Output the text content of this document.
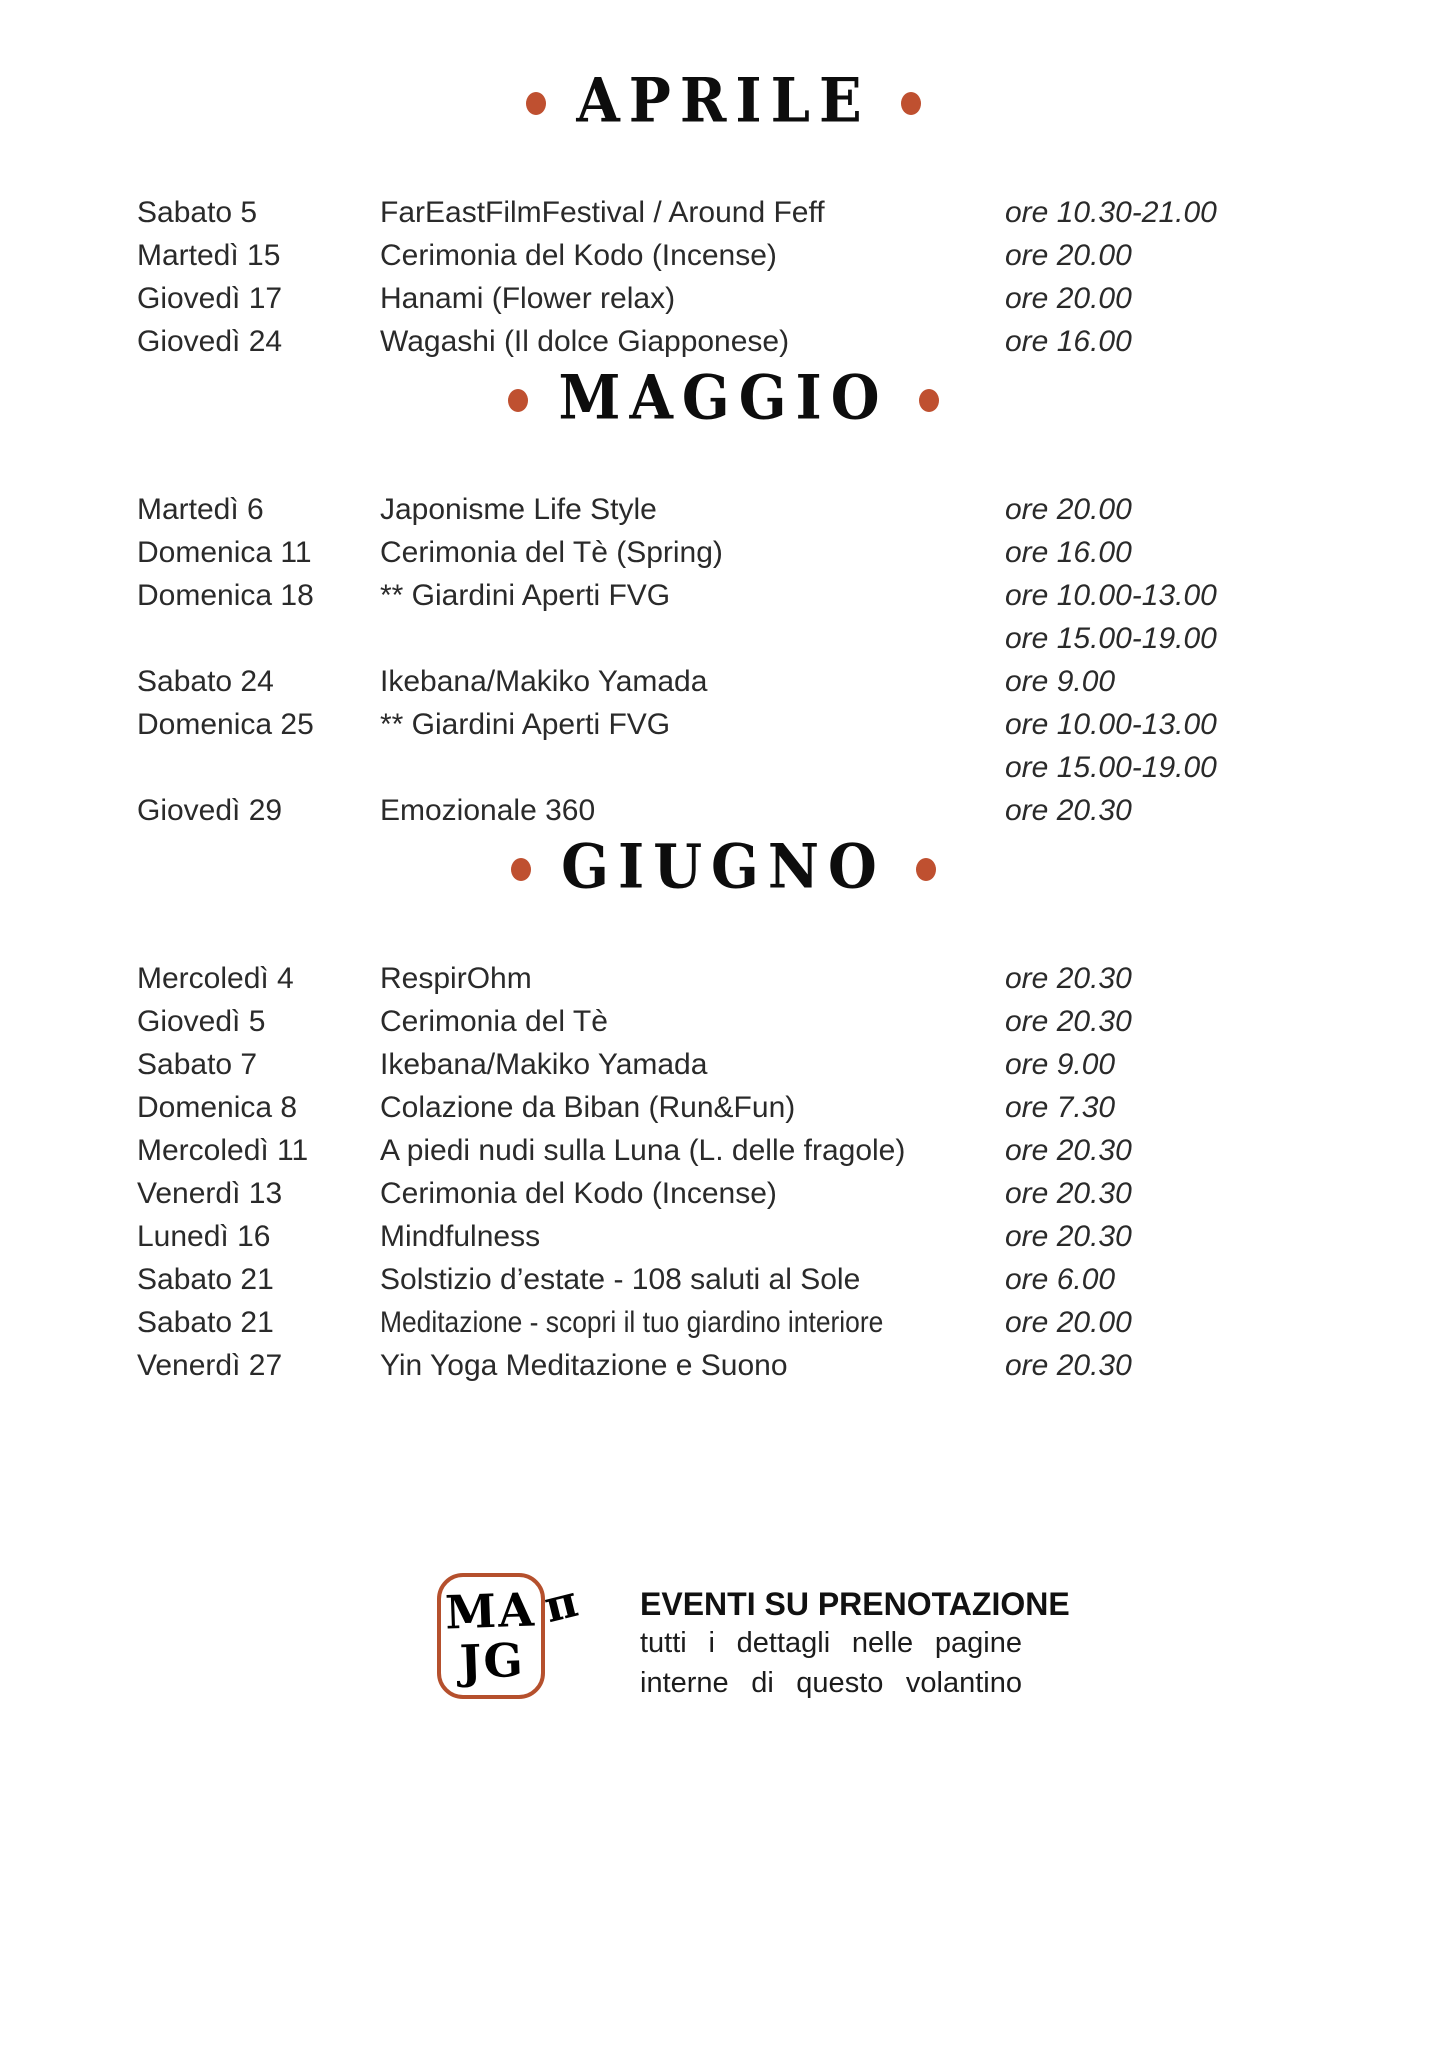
APRILE
Sabato 5	FarEastFilmFestival / Around Feff	ore 10.30-21.00
Martedì 15	Cerimonia del Kodo (Incense)	ore 20.00
Giovedì 17	Hanami (Flower relax)	ore 20.00
Giovedì 24	Wagashi (Il dolce Giapponese)	ore 16.00
MAGGIO
Martedì 6	Japonisme Life Style	ore 20.00
Domenica 11	Cerimonia del Tè (Spring)	ore 16.00
Domenica 18	** Giardini Aperti FVG	ore 10.00-13.00
ore 15.00-19.00
Sabato 24	Ikebana/Makiko Yamada	ore 9.00
Domenica 25	** Giardini Aperti FVG	ore 10.00-13.00
ore 15.00-19.00
Giovedì 29	Emozionale 360	ore 20.30
GIUGNO
Mercoledì 4	RespirOhm	ore 20.30
Giovedì 5	Cerimonia del Tè	ore 20.30
Sabato 7	Ikebana/Makiko Yamada	ore 9.00
Domenica 8	Colazione da Biban (Run&Fun)	ore 7.30
Mercoledì 11	A piedi nudi sulla Luna (L. delle fragole)	ore 20.30
Venerdì 13	Cerimonia del Kodo (Incense)	ore 20.30
Lunedì 16	Mindfulness	ore 20.30
Sabato 21	Solstizio d’estate - 108 saluti al Sole	ore 6.00
Sabato 21	Meditazione - scopri il tuo giardino interiore	ore 20.00
Venerdì 27	Yin Yoga Meditazione e Suono	ore 20.30
MA
JG
π EVENTI SU PRENOTAZIONE
tutti i dettagli nelle pagine
interne di questo volantino
